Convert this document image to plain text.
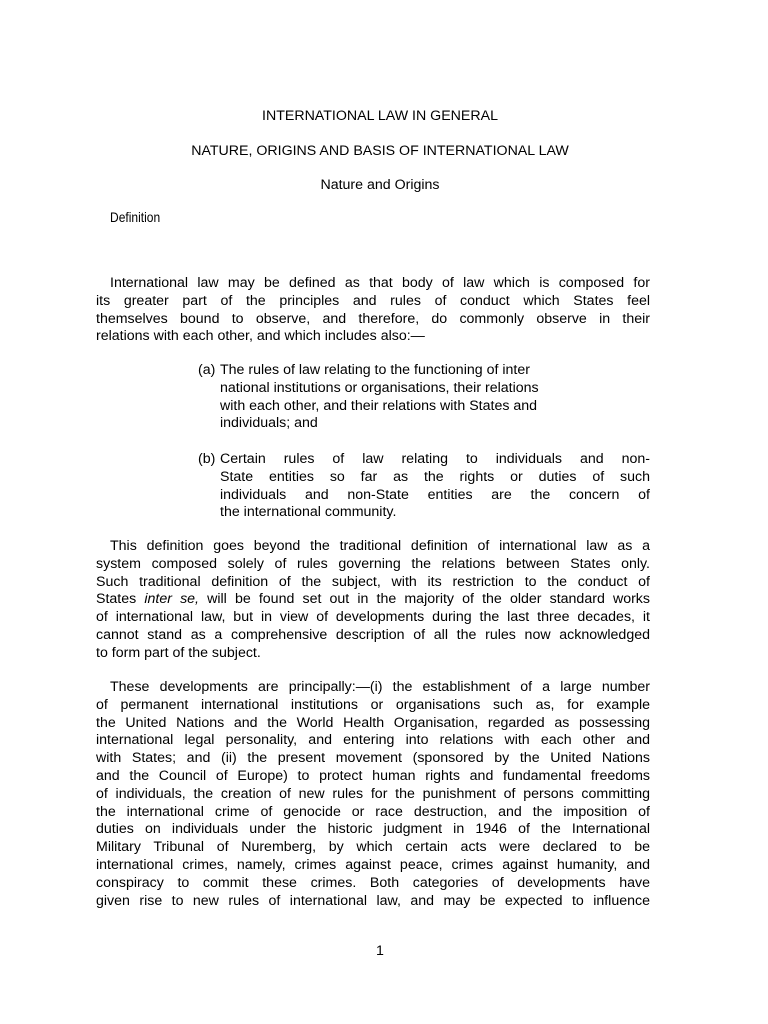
INTERNATIONAL LAW IN GENERAL
NATURE, ORIGINS AND BASIS OF INTERNATIONAL LAW
Nature and Origins
Definition

International law may be defined as that body of law which is composed for
its greater part of the principles and rules of conduct which States feel
themselves bound to observe, and therefore, do commonly observe in their
relations with each other, and which includes also:—

(a) The rules of law relating to the functioning of inter
national institutions or organisations, their relations
with each other, and their relations with States and
individuals; and
(b) Certain rules of law relating to individuals and non-
State entities so far as the rights or duties of such
individuals and non-State entities are the concern of
the international community.

This definition goes beyond the traditional definition of international law as a
system composed solely of rules governing the relations between States only.
Such traditional definition of the subject, with its restriction to the conduct of
States inter se, will be found set out in the majority of the older standard works
of international law, but in view of developments during the last three decades, it
cannot stand as a comprehensive description of all the rules now acknowledged
to form part of the subject.

These developments are principally:—(i) the establishment of a large number
of permanent international institutions or organisations such as, for example
the United Nations and the World Health Organisation, regarded as possessing
international legal personality, and entering into relations with each other and
with States; and (ii) the present movement (sponsored by the United Nations
and the Council of Europe) to protect human rights and fundamental freedoms
of individuals, the creation of new rules for the punishment of persons committing
the international crime of genocide or race destruction, and the imposition of
duties on individuals under the historic judgment in 1946 of the International
Military Tribunal of Nuremberg, by which certain acts were declared to be
international crimes, namely, crimes against peace, crimes against humanity, and
conspiracy to commit these crimes. Both categories of developments have
given rise to new rules of international law, and may be expected to influence

1
